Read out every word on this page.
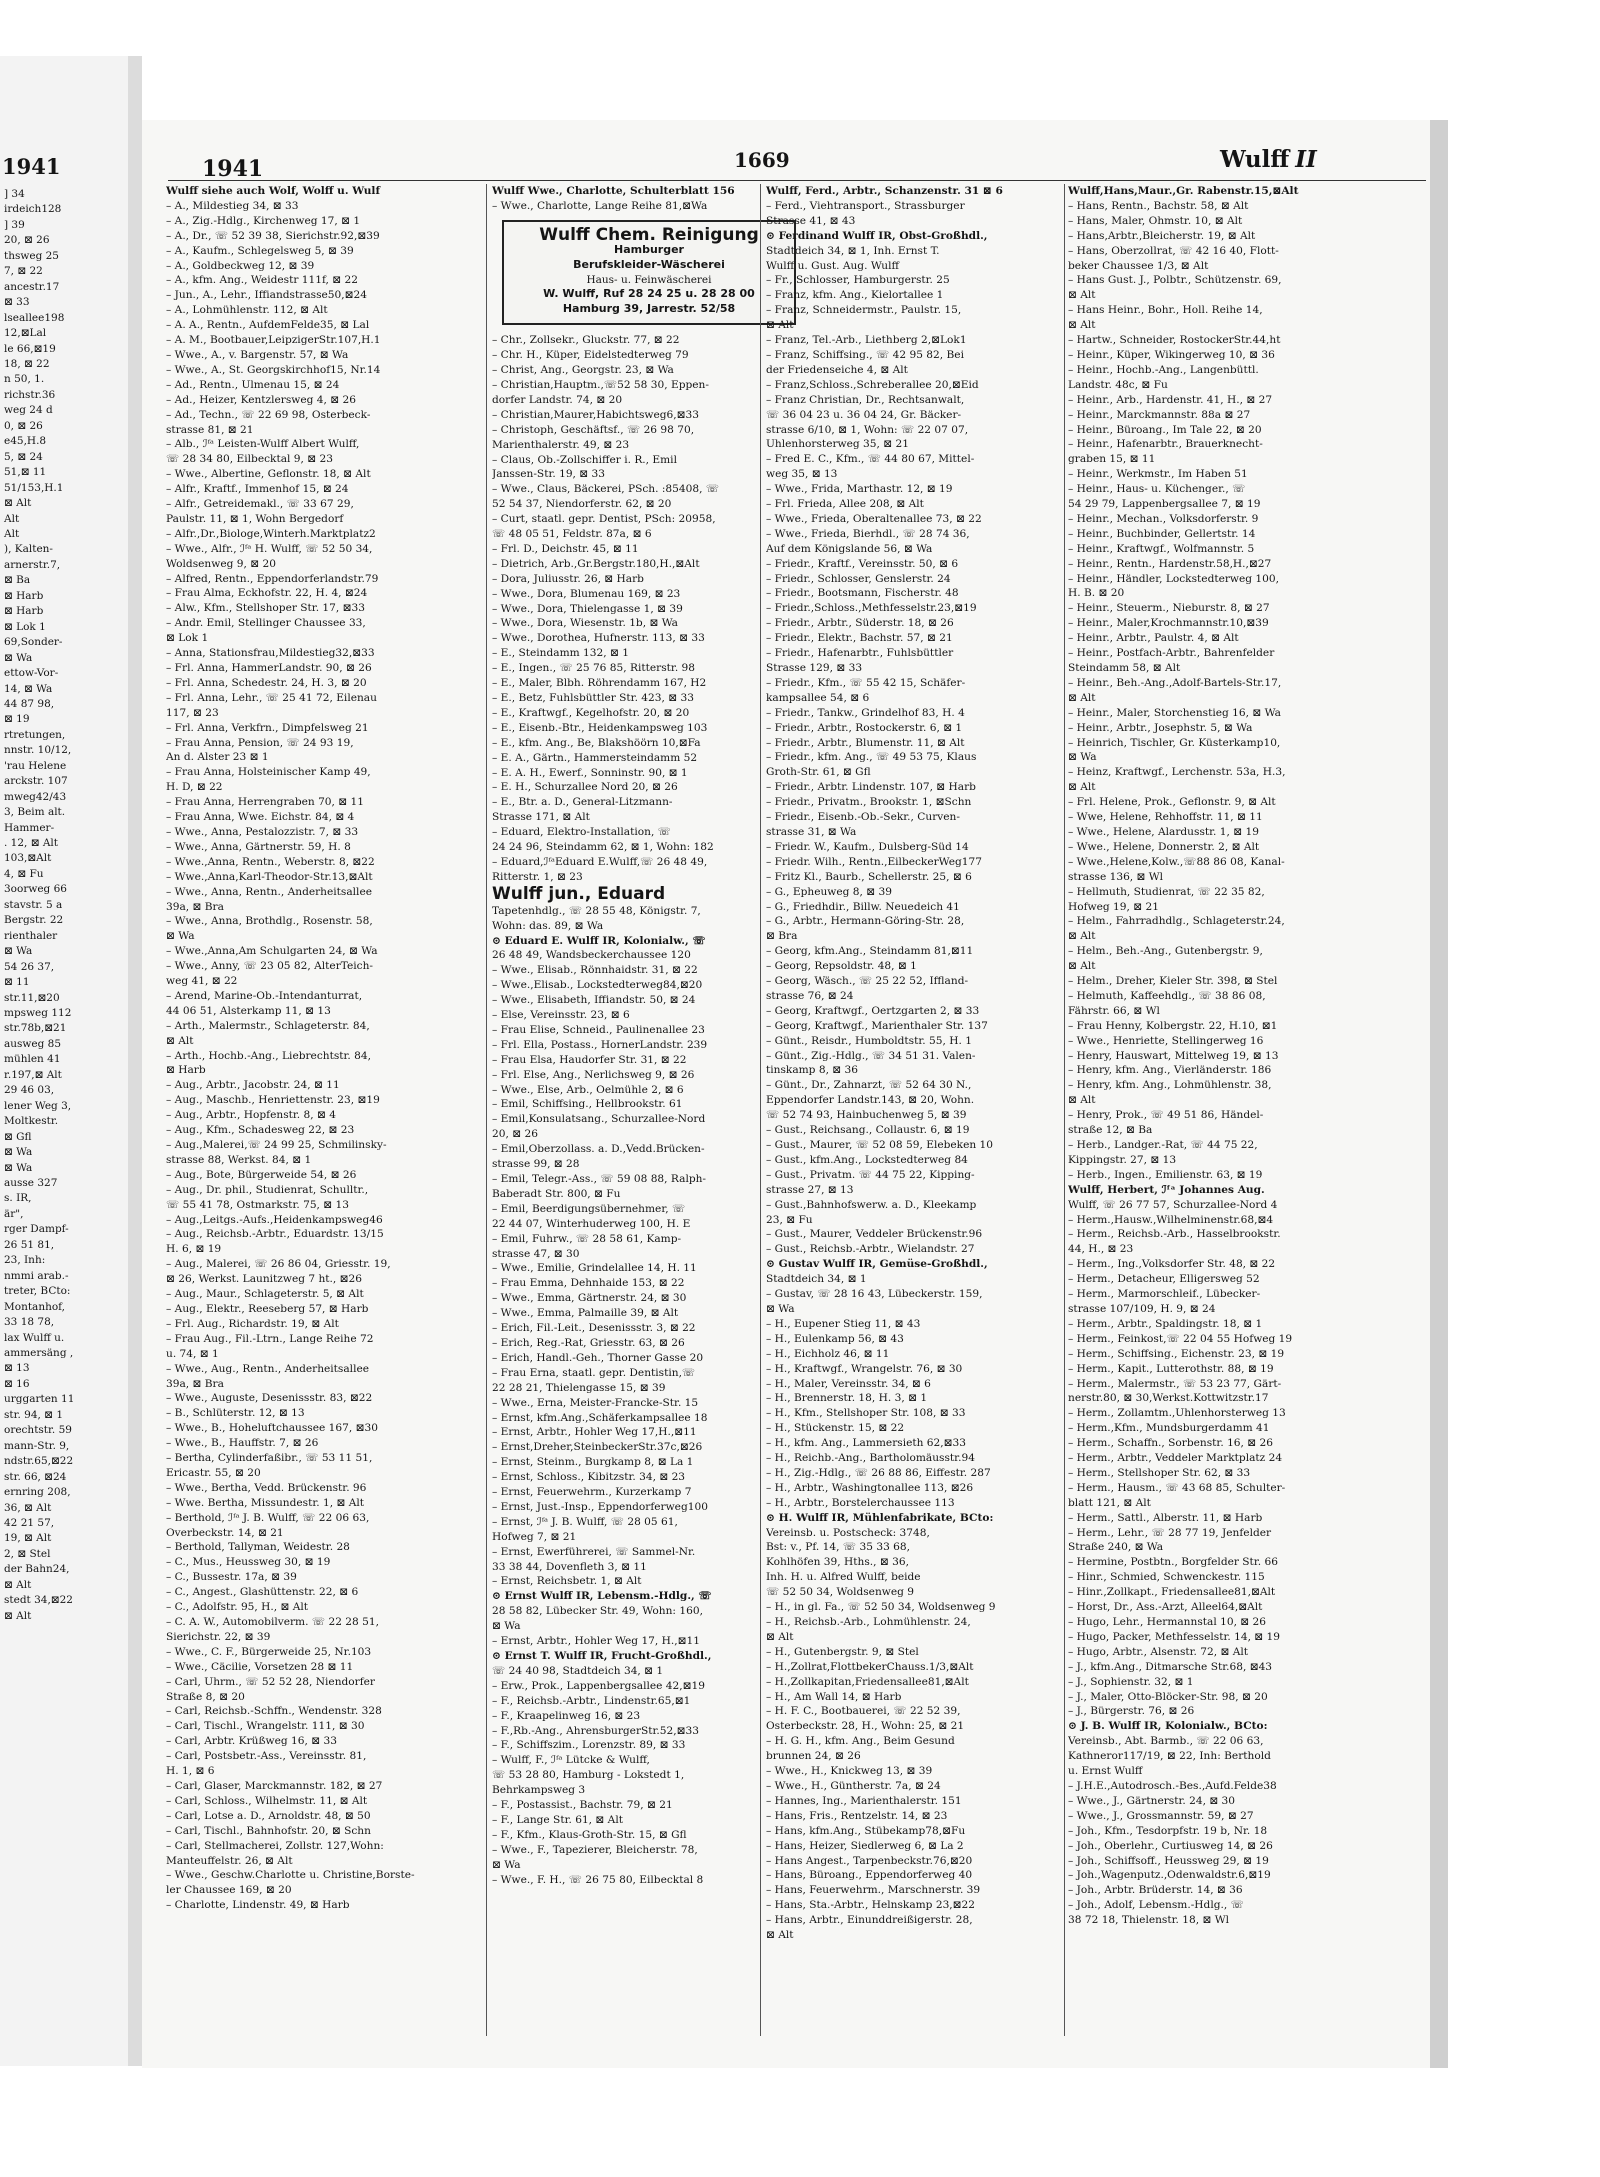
1941
] 34
irdeich128
] 39
20, ⊠ 26
thsweg 25
7, ⊠ 22
ancestr.17
⊠ 33
lseallee198
12,⊠Lal
le 66,⊠19
18, ⊠ 22
n 50, 1.
richstr.36
weg 24 d
0, ⊠ 26
e45,H.8
5, ⊠ 24
51,⊠ 11
51/153,H.1
⊠ Alt
Alt
Alt
), Kalten-
arnerstr.7,
⊠ Ba
⊠ Harb
⊠ Harb
⊠ Lok 1
69,Sonder-
⊠ Wa
ettow-Vor-
14, ⊠ Wa
44 87 98,
⊠ 19
rtretungen,
nnstr. 10/12,
'rau Helene
arckstr. 107
mweg42/43
3, Beim alt.
Hammer-
. 12, ⊠ Alt
103,⊠Alt
4, ⊠ Fu
3oorweg 66
stavstr. 5 a
Bergstr. 22
rienthaler
⊠ Wa
54 26 37,
⊠ 11
str.11,⊠20
mpsweg 112
str.78b,⊠21
ausweg 85
mühlen 41
r.197,⊠ Alt
29 46 03,
lener Weg 3,
Moltkestr.
⊠ Gfl
⊠ Wa
⊠ Wa
ausse 327
s. IR,
är",
rger Dampf-
26 51 81,
23, Inh:
nmmi arab.-
treter, BCto:
Montanhof,
33 18 78,
lax Wulff u.
ammersäng ,
⊠ 13
⊠ 16
urggarten 11
str. 94, ⊠ 1
orechtstr. 59
mann-Str. 9,
ndstr.65,⊠22
str. 66, ⊠24
ernring 208,
36, ⊠ Alt
42 21 57,
19, ⊠ Alt
2, ⊠ Stel
der Bahn24,
⊠ Alt
stedt 34,⊠22
⊠ Alt
1941	1669	Wulff II
Wulff siehe auch Wolf, Wolff u. Wulf
– A., Mildestieg 34, ⊠ 33
– A., Zig.-Hdlg., Kirchenweg 17, ⊠ 1
– A., Dr., ☏ 52 39 38, Sierichstr.92,⊠39
– A., Kaufm., Schlegelsweg 5, ⊠ 39
– A., Goldbeckweg 12, ⊠ 39
– A., kfm. Ang., Weidestr 111f, ⊠ 22
– Jun., A., Lehr., Iffiandstrasse50,⊠24
– A., Lohmühlenstr. 112, ⊠ Alt
– A. A., Rentn., AufdemFelde35, ⊠ Lal
– A. M., Bootbauer,LeipzigerStr.107,H.1
– Wwe., A., v. Bargenstr. 57, ⊠ Wa
– Wwe., A., St. Georgskirchhof15, Nr.14
– Ad., Rentn., Ulmenau 15, ⊠ 24
– Ad., Heizer, Kentzlersweg 4, ⊠ 26
– Ad., Techn., ☏ 22 69 98, Osterbeck-
strasse 81, ⊠ 21
– Alb., ℐᶠᵃ Leisten-Wulff Albert Wulff,
☏ 28 34 80, Eilbecktal 9, ⊠ 23
– Wwe., Albertine, Geflonstr. 18, ⊠ Alt
– Alfr., Kraftf., Immenhof 15, ⊠ 24
– Alfr., Getreidemakl., ☏ 33 67 29,
Paulstr. 11, ⊠ 1, Wohn Bergedorf
– Alfr.,Dr.,Biologe,Winterh.Marktplatz2
– Wwe., Alfr., ℐᶠᵃ H. Wulff, ☏ 52 50 34,
Woldsenweg 9, ⊠ 20
– Alfred, Rentn., Eppendorferlandstr.79
– Frau Alma, Eckhofstr. 22, H. 4, ⊠24
– Alw., Kfm., Stellshoper Str. 17, ⊠33
– Andr. Emil, Stellinger Chaussee 33,
⊠ Lok 1
– Anna, Stationsfrau,Mildestieg32,⊠33
– Frl. Anna, HammerLandstr. 90, ⊠ 26
– Frl. Anna, Schedestr. 24, H. 3, ⊠ 20
– Frl. Anna, Lehr., ☏ 25 41 72, Eilenau
117, ⊠ 23
– Frl. Anna, Verkfrn., Dimpfelsweg 21
– Frau Anna, Pension, ☏ 24 93 19,
An d. Alster 23 ⊠ 1
– Frau Anna, Holsteinischer Kamp 49,
H. D, ⊠ 22
– Frau Anna, Herrengraben 70, ⊠ 11
– Frau Anna, Wwe. Eichstr. 84, ⊠ 4
– Wwe., Anna, Pestalozzistr. 7, ⊠ 33
– Wwe., Anna, Gärtnerstr. 59, H. 8
– Wwe.,Anna, Rentn., Weberstr. 8, ⊠22
– Wwe.,Anna,Karl-Theodor-Str.13,⊠Alt
– Wwe., Anna, Rentn., Anderheitsallee
39a, ⊠ Bra
– Wwe., Anna, Brothdlg., Rosenstr. 58,
⊠ Wa
– Wwe.,Anna,Am Schulgarten 24, ⊠ Wa
– Wwe., Anny, ☏ 23 05 82, AlterTeich-
weg 41, ⊠ 22
– Arend, Marine-Ob.-Intendanturrat,
44 06 51, Alsterkamp 11, ⊠ 13
– Arth., Malermstr., Schlageterstr. 84,
⊠ Alt
– Arth., Hochb.-Ang., Liebrechtstr. 84,
⊠ Harb
– Aug., Arbtr., Jacobstr. 24, ⊠ 11
– Aug., Maschb., Henriettenstr. 23, ⊠19
– Aug., Arbtr., Hopfenstr. 8, ⊠ 4
– Aug., Kfm., Schadesweg 22, ⊠ 23
– Aug.,Malerei,☏ 24 99 25, Schmilinsky-
strasse 88, Werkst. 84, ⊠ 1
– Aug., Bote, Bürgerweide 54, ⊠ 26
– Aug., Dr. phil., Studienrat, Schulltr.,
☏ 55 41 78, Ostmarkstr. 75, ⊠ 13
– Aug.,Leitgs.-Aufs.,Heidenkampsweg46
– Aug., Reichsb.-Arbtr., Eduardstr. 13/15
H. 6, ⊠ 19
– Aug., Malerei, ☏ 26 86 04, Griesstr. 19,
⊠ 26, Werkst. Launitzweg 7 ht., ⊠26
– Aug., Maur., Schlageterstr. 5, ⊠ Alt
– Aug., Elektr., Reeseberg 57, ⊠ Harb
– Frl. Aug., Richardstr. 19, ⊠ Alt
– Frau Aug., Fil.-Ltrn., Lange Reihe 72
u. 74, ⊠ 1
– Wwe., Aug., Rentn., Anderheitsallee
39a, ⊠ Bra
– Wwe., Auguste, Desenissstr. 83, ⊠22
– B., Schlüterstr. 12, ⊠ 13
– Wwe., B., Hoheluftchaussee 167, ⊠30
– Wwe., B., Hauffstr. 7, ⊠ 26
– Bertha, Cylinderfaßibr., ☏ 53 11 51,
Ericastr. 55, ⊠ 20
– Wwe., Bertha, Vedd. Brückenstr. 96
– Wwe. Bertha, Missundestr. 1, ⊠ Alt
– Berthold, ℐᶠᵃ J. B. Wulff, ☏ 22 06 63,
Overbeckstr. 14, ⊠ 21
– Berthold, Tallyman, Weidestr. 28
– C., Mus., Heussweg 30, ⊠ 19
– C., Bussestr. 17a, ⊠ 39
– C., Angest., Glashüttenstr. 22, ⊠ 6
– C., Adolfstr. 95, H., ⊠ Alt
– C. A. W., Automobilverm. ☏ 22 28 51,
Sierichstr. 22, ⊠ 39
– Wwe., C. F., Bürgerweide 25, Nr.103
– Wwe., Cäcilie, Vorsetzen 28 ⊠ 11
– Carl, Uhrm., ☏ 52 52 28, Niendorfer
Straße 8, ⊠ 20
– Carl, Reichsb.-Schffn., Wendenstr. 328
– Carl, Tischl., Wrangelstr. 111, ⊠ 30
– Carl, Arbtr. Krüßweg 16, ⊠ 33
– Carl, Postsbetr.-Ass., Vereinsstr. 81,
H. 1, ⊠ 6
– Carl, Glaser, Marckmannstr. 182, ⊠ 27
– Carl, Schloss., Wilhelmstr. 11, ⊠ Alt
– Carl, Lotse a. D., Arnoldstr. 48, ⊠ 50
– Carl, Tischl., Bahnhofstr. 20, ⊠ Schn
– Carl, Stellmacherei, Zollstr. 127,Wohn:
Manteuffelstr. 26, ⊠ Alt
– Wwe., Geschw.Charlotte u. Christine,Borste-
ler Chaussee 169, ⊠ 20
– Charlotte, Lindenstr. 49, ⊠ Harb
Wulff Wwe., Charlotte, Schulterblatt 156
– Wwe., Charlotte, Lange Reihe 81,⊠Wa
Wulff Chem. Reinigung
Hamburger
Berufskleider-Wäscherei
Haus- u. Feinwäscherei
W. Wulff, Ruf 28 24 25 u. 28 28 00
Hamburg 39, Jarrestr. 52/58
– Chr., Zollsekr., Gluckstr. 77, ⊠ 22
– Chr. H., Küper, Eidelstedterweg 79
– Christ, Ang., Georgstr. 23, ⊠ Wa
– Christian,Hauptm.,☏52 58 30, Eppen-
dorfer Landstr. 74, ⊠ 20
– Christian,Maurer,Habichtsweg6,⊠33
– Christoph, Geschäftsf., ☏ 26 98 70,
Marienthalerstr. 49, ⊠ 23
– Claus, Ob.-Zollschiffer i. R., Emil
Janssen-Str. 19, ⊠ 33
– Wwe., Claus, Bäckerei, PSch. :85408, ☏
52 54 37, Niendorferstr. 62, ⊠ 20
– Curt, staatl. gepr. Dentist, PSch: 20958,
☏ 48 05 51, Feldstr. 87a, ⊠ 6
– Frl. D., Deichstr. 45, ⊠ 11
– Dietrich, Arb.,Gr.Bergstr.180,H.,⊠Alt
– Dora, Juliusstr. 26, ⊠ Harb
– Wwe., Dora, Blumenau 169, ⊠ 23
– Wwe., Dora, Thielengasse 1, ⊠ 39
– Wwe., Dora, Wiesenstr. 1b, ⊠ Wa
– Wwe., Dorothea, Hufnerstr. 113, ⊠ 33
– E., Steindamm 132, ⊠ 1
– E., Ingen., ☏ 25 76 85, Ritterstr. 98
– E., Maler, Blbh. Röhrendamm 167, H2
– E., Betz, Fuhlsbüttler Str. 423, ⊠ 33
– E., Kraftwgf., Kegelhofstr. 20, ⊠ 20
– E., Eisenb.-Btr., Heidenkampsweg 103
– E., kfm. Ang., Be, Blakshöörn 10,⊠Fa
– E. A., Gärtn., Hammersteindamm 52
– E. A. H., Ewerf., Sonninstr. 90, ⊠ 1
– E. H., Schurzallee Nord 20, ⊠ 26
– E., Btr. a. D., General-Litzmann-
Strasse 171, ⊠ Alt
– Eduard, Elektro-Installation, ☏
24 24 96, Steindamm 62, ⊠ 1, Wohn: 182
– Eduard,ℐᶠᵃEduard E.Wulff,☏ 26 48 49,
Ritterstr. 1, ⊠ 23
Wulff jun., Eduard
Tapetenhdlg., ☏ 28 55 48, Königstr. 7,
Wohn: das. 89, ⊠ Wa
⊙ Eduard E. Wulff IR, Kolonialw., ☏
26 48 49, Wandsbeckerchaussee 120
– Wwe., Elisab., Rönnhaidstr. 31, ⊠ 22
– Wwe.,Elisab., Lockstedterweg84,⊠20
– Wwe., Elisabeth, Iffiandstr. 50, ⊠ 24
– Else, Vereinsstr. 23, ⊠ 6
– Frau Elise, Schneid., Paulinenallee 23
– Frl. Ella, Postass., HornerLandstr. 239
– Frau Elsa, Haudorfer Str. 31, ⊠ 22
– Frl. Else, Ang., Nerlichsweg 9, ⊠ 26
– Wwe., Else, Arb., Oelmühle 2, ⊠ 6
– Emil, Schiffsing., Hellbrookstr. 61
– Emil,Konsulatsang., Schurzallee-Nord
20, ⊠ 26
– Emil,Oberzollass. a. D.,Vedd.Brücken-
strasse 99, ⊠ 28
– Emil, Telegr.-Ass., ☏ 59 08 88, Ralph-
Baberadt Str. 800, ⊠ Fu
– Emil, Beerdigungsübernehmer, ☏
22 44 07, Winterhuderweg 100, H. E
– Emil, Fuhrw., ☏ 28 58 61, Kamp-
strasse 47, ⊠ 30
– Wwe., Emilie, Grindelallee 14, H. 11
– Frau Emma, Dehnhaide 153, ⊠ 22
– Wwe., Emma, Gärtnerstr. 24, ⊠ 30
– Wwe., Emma, Palmaille 39, ⊠ Alt
– Erich, Fil.-Leit., Desenissstr. 3, ⊠ 22
– Erich, Reg.-Rat, Griesstr. 63, ⊠ 26
– Erich, Handl.-Geh., Thorner Gasse 20
– Frau Erna, staatl. gepr. Dentistin,☏
22 28 21, Thielengasse 15, ⊠ 39
– Wwe., Erna, Meister-Francke-Str. 15
– Ernst, kfm.Ang.,Schäferkampsallee 18
– Ernst, Arbtr., Hohler Weg 17,H.,⊠11
– Ernst,Dreher,SteinbeckerStr.37c,⊠26
– Ernst, Steinm., Burgkamp 8, ⊠ La 1
– Ernst, Schloss., Kibitzstr. 34, ⊠ 23
– Ernst, Feuerwehrm., Kurzerkamp 7
– Ernst, Just.-Insp., Eppendorferweg100
– Ernst, ℐᶠᵃ J. B. Wulff, ☏ 28 05 61,
Hofweg 7, ⊠ 21
– Ernst, Ewerführerei, ☏ Sammel-Nr.
33 38 44, Dovenfleth 3, ⊠ 11
– Ernst, Reichsbetr. 1, ⊠ Alt
⊙ Ernst Wulff IR, Lebensm.-Hdlg., ☏
28 58 82, Lübecker Str. 49, Wohn: 160,
⊠ Wa
– Ernst, Arbtr., Hohler Weg 17, H.,⊠11
⊙ Ernst T. Wulff IR, Frucht-Großhdl.,
☏ 24 40 98, Stadtdeich 34, ⊠ 1
– Erw., Prok., Lappenbergsallee 42,⊠19
– F., Reichsb.-Arbtr., Lindenstr.65,⊠1
– F., Kraapelinweg 16, ⊠ 23
– F.,Rb.-Ang., AhrensburgerStr.52,⊠33
– F., Schiffszim., Lorenzstr. 89, ⊠ 33
– Wulff, F., ℐᶠᵃ Lütcke & Wulff,
☏ 53 28 80, Hamburg - Lokstedt 1,
Behrkampsweg 3
– F., Postassist., Bachstr. 79, ⊠ 21
– F., Lange Str. 61, ⊠ Alt
– F., Kfm., Klaus-Groth-Str. 15, ⊠ Gfl
– Wwe., F., Tapezierer, Bleicherstr. 78,
⊠ Wa
– Wwe., F. H., ☏ 26 75 80, Eilbecktal 8
Wulff, Ferd., Arbtr., Schanzenstr. 31 ⊠ 6
– Ferd., Viehtransport., Strassburger
Strasse 41, ⊠ 43
⊙ Ferdinand Wulff IR, Obst-Großhdl.,
Stadtdeich 34, ⊠ 1, Inh. Ernst T.
Wulff u. Gust. Aug. Wulff
– Fr., Schlosser, Hamburgerstr. 25
– Franz, kfm. Ang., Kielortallee 1
– Franz, Schneidermstr., Paulstr. 15,
⊠ Alt
– Franz, Tel.-Arb., Liethberg 2,⊠Lok1
– Franz, Schiffsing., ☏ 42 95 82, Bei
der Friedenseiche 4, ⊠ Alt
– Franz,Schloss.,Schreberallee 20,⊠Eid
– Franz Christian, Dr., Rechtsanwalt,
☏ 36 04 23 u. 36 04 24, Gr. Bäcker-
strasse 6/10, ⊠ 1, Wohn: ☏ 22 07 07,
Uhlenhorsterweg 35, ⊠ 21
– Fred E. C., Kfm., ☏ 44 80 67, Mittel-
weg 35, ⊠ 13
– Wwe., Frida, Marthastr. 12, ⊠ 19
– Frl. Frieda, Allee 208, ⊠ Alt
– Wwe., Frieda, Oberaltenallee 73, ⊠ 22
– Wwe., Frieda, Bierhdl., ☏ 28 74 36,
Auf dem Königslande 56, ⊠ Wa
– Friedr., Kraftf., Vereinsstr. 50, ⊠ 6
– Friedr., Schlosser, Genslerstr. 24
– Friedr., Bootsmann, Fischerstr. 48
– Friedr.,Schloss.,Methfesselstr.23,⊠19
– Friedr., Arbtr., Süderstr. 18, ⊠ 26
– Friedr., Elektr., Bachstr. 57, ⊠ 21
– Friedr., Hafenarbtr., Fuhlsbüttler
Strasse 129, ⊠ 33
– Friedr., Kfm., ☏ 55 42 15, Schäfer-
kampsallee 54, ⊠ 6
– Friedr., Tankw., Grindelhof 83, H. 4
– Friedr., Arbtr., Rostockerstr. 6, ⊠ 1
– Friedr., Arbtr., Blumenstr. 11, ⊠ Alt
– Friedr., kfm. Ang., ☏ 49 53 75, Klaus
Groth-Str. 61, ⊠ Gfl
– Friedr., Arbtr. Lindenstr. 107, ⊠ Harb
– Friedr., Privatm., Brookstr. 1, ⊠Schn
– Friedr., Eisenb.-Ob.-Sekr., Curven-
strasse 31, ⊠ Wa
– Friedr. W., Kaufm., Dulsberg-Süd 14
– Friedr. Wilh., Rentn.,EilbeckerWeg177
– Fritz Kl., Baurb., Schellerstr. 25, ⊠ 6
– G., Epheuweg 8, ⊠ 39
– G., Friedhdir., Billw. Neuedeich 41
– G., Arbtr., Hermann-Göring-Str. 28,
⊠ Bra
– Georg, kfm.Ang., Steindamm 81,⊠11
– Georg, Repsoldstr. 48, ⊠ 1
– Georg, Wäsch., ☏ 25 22 52, Iffland-
strasse 76, ⊠ 24
– Georg, Kraftwgf., Oertzgarten 2, ⊠ 33
– Georg, Kraftwgf., Marienthaler Str. 137
– Günt., Reisdr., Humboldtstr. 55, H. 1
– Günt., Zig.-Hdlg., ☏ 34 51 31. Valen-
tinskamp 8, ⊠ 36
– Günt., Dr., Zahnarzt, ☏ 52 64 30 N.,
Eppendorfer Landstr.143, ⊠ 20, Wohn.
☏ 52 74 93, Hainbuchenweg 5, ⊠ 39
– Gust., Reichsang., Collaustr. 6, ⊠ 19
– Gust., Maurer, ☏ 52 08 59, Elebeken 10
– Gust., kfm.Ang., Lockstedterweg 84
– Gust., Privatm. ☏ 44 75 22, Kipping-
strasse 27, ⊠ 13
– Gust.,Bahnhofswerw. a. D., Kleekamp
23, ⊠ Fu
– Gust., Maurer, Veddeler Brückenstr.96
– Gust., Reichsb.-Arbtr., Wielandstr. 27
⊙ Gustav Wulff IR, Gemüse-Großhdl.,
Stadtdeich 34, ⊠ 1
– Gustav, ☏ 28 16 43, Lübeckerstr. 159,
⊠ Wa
– H., Eupener Stieg 11, ⊠ 43
– H., Eulenkamp 56, ⊠ 43
– H., Eichholz 46, ⊠ 11
– H., Kraftwgf., Wrangelstr. 76, ⊠ 30
– H., Maler, Vereinsstr. 34, ⊠ 6
– H., Brennerstr. 18, H. 3, ⊠ 1
– H., Kfm., Stellshoper Str. 108, ⊠ 33
– H., Stückenstr. 15, ⊠ 22
– H., kfm. Ang., Lammersieth 62,⊠33
– H., Reichb.-Ang., Bartholomäusstr.94
– H., Zig.-Hdlg., ☏ 26 88 86, Eiffestr. 287
– H., Arbtr., Washingtonallee 113, ⊠26
– H., Arbtr., Borstelerchaussee 113
⊙ H. Wulff IR, Mühlenfabrikate, BCto:
Vereinsb. u. Postscheck: 3748,
Bst: v., Pf. 14, ☏ 35 33 68,
Kohlhöfen 39, Hths., ⊠ 36,
Inh. H. u. Alfred Wulff, beide
☏ 52 50 34, Woldsenweg 9
– H., in gl. Fa., ☏ 52 50 34, Woldsenweg 9
– H., Reichsb.-Arb., Lohmühlenstr. 24,
⊠ Alt
– H., Gutenbergstr. 9, ⊠ Stel
– H.,Zollrat,FlottbekerChauss.1/3,⊠Alt
– H.,Zollkapitan,Friedensallee81,⊠Alt
– H., Am Wall 14, ⊠ Harb
– H. F. C., Bootbauerei, ☏ 22 52 39,
Osterbeckstr. 28, H., Wohn: 25, ⊠ 21
– H. G. H., kfm. Ang., Beim Gesund
brunnen 24, ⊠ 26
– Wwe., H., Knickweg 13, ⊠ 39
– Wwe., H., Güntherstr. 7a, ⊠ 24
– Hannes, Ing., Marienthalerstr. 151
– Hans, Fris., Rentzelstr. 14, ⊠ 23
– Hans, kfm.Ang., Stübekamp78,⊠Fu
– Hans, Heizer, Siedlerweg 6, ⊠ La 2
– Hans Angest., Tarpenbeckstr.76,⊠20
– Hans, Büroang., Eppendorferweg 40
– Hans, Feuerwehrm., Marschnerstr. 39
– Hans, Sta.-Arbtr., Helnskamp 23,⊠22
– Hans, Arbtr., Einunddreißigerstr. 28,
⊠ Alt
Wulff,Hans,Maur.,Gr. Rabenstr.15,⊠Alt
– Hans, Rentn., Bachstr. 58, ⊠ Alt
– Hans, Maler, Ohmstr. 10, ⊠ Alt
– Hans,Arbtr.,Bleicherstr. 19, ⊠ Alt
– Hans, Oberzollrat, ☏ 42 16 40, Flott-
beker Chaussee 1/3, ⊠ Alt
– Hans Gust. J., Polbtr., Schützenstr. 69,
⊠ Alt
– Hans Heinr., Bohr., Holl. Reihe 14,
⊠ Alt
– Hartw., Schneider, RostockerStr.44,ht
– Heinr., Küper, Wikingerweg 10, ⊠ 36
– Heinr., Hochb.-Ang., Langenbüttl.
Landstr. 48c, ⊠ Fu
– Heinr., Arb., Hardenstr. 41, H., ⊠ 27
– Heinr., Marckmannstr. 88a ⊠ 27
– Heinr., Büroang., Im Tale 22, ⊠ 20
– Heinr., Hafenarbtr., Brauerknecht-
graben 15, ⊠ 11
– Heinr., Werkmstr., Im Haben 51
– Heinr., Haus- u. Küchenger., ☏
54 29 79, Lappenbergsallee 7, ⊠ 19
– Heinr., Mechan., Volksdorferstr. 9
– Heinr., Buchbinder, Gellertstr. 14
– Heinr., Kraftwgf., Wolfmannstr. 5
– Heinr., Rentn., Hardenstr.58,H.,⊠27
– Heinr., Händler, Lockstedterweg 100,
H. B. ⊠ 20
– Heinr., Steuerm., Nieburstr. 8, ⊠ 27
– Heinr., Maler,Krochmannstr.10,⊠39
– Heinr., Arbtr., Paulstr. 4, ⊠ Alt
– Heinr., Postfach-Arbtr., Bahrenfelder
Steindamm 58, ⊠ Alt
– Heinr., Beh.-Ang.,Adolf-Bartels-Str.17,
⊠ Alt
– Heinr., Maler, Storchenstieg 16, ⊠ Wa
– Heinr., Arbtr., Josephstr. 5, ⊠ Wa
– Heinrich, Tischler, Gr. Küsterkamp10,
⊠ Wa
– Heinz, Kraftwgf., Lerchenstr. 53a, H.3,
⊠ Alt
– Frl. Helene, Prok., Geflonstr. 9, ⊠ Alt
– Wwe, Helene, Rehhoffstr. 11, ⊠ 11
– Wwe., Helene, Alardusstr. 1, ⊠ 19
– Wwe., Helene, Donnerstr. 2, ⊠ Alt
– Wwe.,Helene,Kolw.,☏88 86 08, Kanal-
strasse 136, ⊠ Wl
– Hellmuth, Studienrat, ☏ 22 35 82,
Hofweg 19, ⊠ 21
– Helm., Fahrradhdlg., Schlageterstr.24,
⊠ Alt
– Helm., Beh.-Ang., Gutenbergstr. 9,
⊠ Alt
– Helm., Dreher, Kieler Str. 398, ⊠ Stel
– Helmuth, Kaffeehdlg., ☏ 38 86 08,
Fährstr. 66, ⊠ Wl
– Frau Henny, Kolbergstr. 22, H.10, ⊠1
– Wwe., Henriette, Stellingerweg 16
– Henry, Hauswart, Mittelweg 19, ⊠ 13
– Henry, kfm. Ang., Vierländerstr. 186
– Henry, kfm. Ang., Lohmühlenstr. 38,
⊠ Alt
– Henry, Prok., ☏ 49 51 86, Händel-
straße 12, ⊠ Ba
– Herb., Landger.-Rat, ☏ 44 75 22,
Kippingstr. 27, ⊠ 13
– Herb., Ingen., Emilienstr. 63, ⊠ 19
Wulff, Herbert, ℐᶠᵃ Johannes Aug.
Wulff, ☏ 26 77 57, Schurzallee-Nord 4
– Herm.,Hausw.,Wilhelminenstr.68,⊠4
– Herm., Reichsb.-Arb., Hasselbrookstr.
44, H., ⊠ 23
– Herm., Ing.,Volksdorfer Str. 48, ⊠ 22
– Herm., Detacheur, Elligersweg 52
– Herm., Marmorschleif., Lübecker-
strasse 107/109, H. 9, ⊠ 24
– Herm., Arbtr., Spaldingstr. 18, ⊠ 1
– Herm., Feinkost,☏ 22 04 55 Hofweg 19
– Herm., Schiffsing., Eichenstr. 23, ⊠ 19
– Herm., Kapit., Lutterothstr. 88, ⊠ 19
– Herm., Malermstr., ☏ 53 23 77, Gärt-
nerstr.80, ⊠ 30,Werkst.Kottwitzstr.17
– Herm., Zollamtm.,Uhlenhorsterweg 13
– Herm.,Kfm., Mundsburgerdamm 41
– Herm., Schaffn., Sorbenstr. 16, ⊠ 26
– Herm., Arbtr., Veddeler Marktplatz 24
– Herm., Stellshoper Str. 62, ⊠ 33
– Herm., Hausm., ☏ 43 68 85, Schulter-
blatt 121, ⊠ Alt
– Herm., Sattl., Alberstr. 11, ⊠ Harb
– Herm., Lehr., ☏ 28 77 19, Jenfelder
Straße 240, ⊠ Wa
– Hermine, Postbtn., Borgfelder Str. 66
– Hinr., Schmied, Schwenckestr. 115
– Hinr.,Zollkapt., Friedensallee81,⊠Alt
– Horst, Dr., Ass.-Arzt, Alleel64,⊠Alt
– Hugo, Lehr., Hermannstal 10, ⊠ 26
– Hugo, Packer, Methfesselstr. 14, ⊠ 19
– Hugo, Arbtr., Alsenstr. 72, ⊠ Alt
– J., kfm.Ang., Ditmarsche Str.68, ⊠43
– J., Sophienstr. 32, ⊠ 1
– J., Maler, Otto-Blöcker-Str. 98, ⊠ 20
– J., Bürgerstr. 76, ⊠ 26
⊙ J. B. Wulff IR, Kolonialw., BCto:
Vereinsb., Abt. Barmb., ☏ 22 06 63,
Kathneror117/19, ⊠ 22, Inh: Berthold
u. Ernst Wulff
– J.H.E.,Autodrosch.-Bes.,Aufd.Felde38
– Wwe., J., Gärtnerstr. 24, ⊠ 30
– Wwe., J., Grossmannstr. 59, ⊠ 27
– Joh., Kfm., Tesdorpfstr. 19 b, Nr. 18
– Joh., Oberlehr., Curtiusweg 14, ⊠ 26
– Joh., Schiffsoff., Heussweg 29, ⊠ 19
– Joh.,Wagenputz.,Odenwaldstr.6,⊠19
– Joh., Arbtr. Brüderstr. 14, ⊠ 36
– Joh., Adolf, Lebensm.-Hdlg., ☏
38 72 18, Thielenstr. 18, ⊠ Wl
